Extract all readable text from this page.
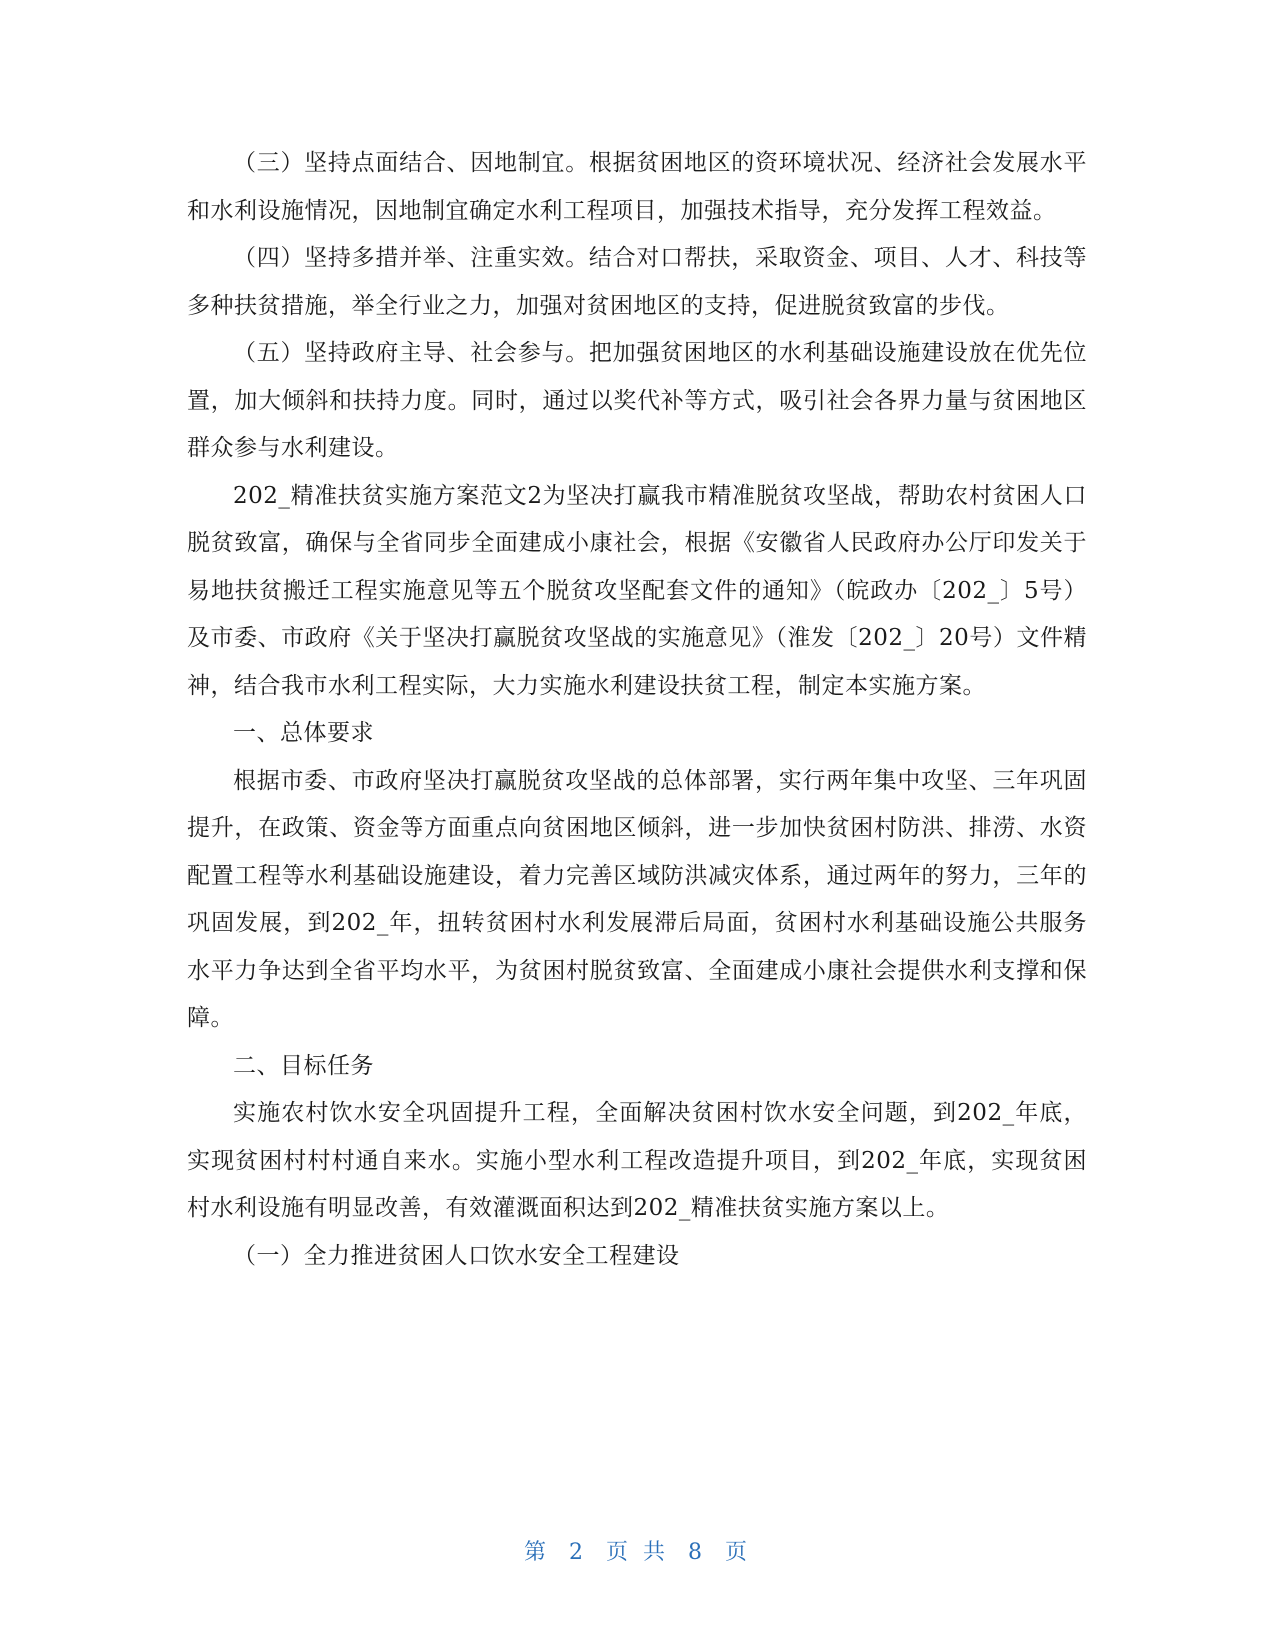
（三）坚持点面结合、因地制宜。根据贫困地区的资环境状况、经济社会发展水平和水利设施情况，因地制宜确定水利工程项目，加强技术指导，充分发挥工程效益。

（四）坚持多措并举、注重实效。结合对口帮扶，采取资金、项目、人才、科技等多种扶贫措施，举全行业之力，加强对贫困地区的支持，促进脱贫致富的步伐。

（五）坚持政府主导、社会参与。把加强贫困地区的水利基础设施建设放在优先位置，加大倾斜和扶持力度。同时，通过以奖代补等方式，吸引社会各界力量与贫困地区群众参与水利建设。

202_精准扶贫实施方案范文2为坚决打赢我市精准脱贫攻坚战，帮助农村贫困人口脱贫致富，确保与全省同步全面建成小康社会，根据《安徽省人民政府办公厅印发关于易地扶贫搬迁工程实施意见等五个脱贫攻坚配套文件的通知》（皖政办〔202_〕5号）及市委、市政府《关于坚决打赢脱贫攻坚战的实施意见》（淮发〔202_〕20号）文件精神，结合我市水利工程实际，大力实施水利建设扶贫工程，制定本实施方案。

一、总体要求

根据市委、市政府坚决打赢脱贫攻坚战的总体部署，实行两年集中攻坚、三年巩固提升，在政策、资金等方面重点向贫困地区倾斜，进一步加快贫困村防洪、排涝、水资配置工程等水利基础设施建设，着力完善区域防洪减灾体系，通过两年的努力，三年的巩固发展，到202_年，扭转贫困村水利发展滞后局面，贫困村水利基础设施公共服务水平力争达到全省平均水平，为贫困村脱贫致富、全面建成小康社会提供水利支撑和保障。

二、目标任务

实施农村饮水安全巩固提升工程，全面解决贫困村饮水安全问题，到202_年底，实现贫困村村村通自来水。实施小型水利工程改造提升项目，到202_年底，实现贫困村水利设施有明显改善，有效灌溉面积达到202_精准扶贫实施方案以上。

（一）全力推进贫困人口饮水安全工程建设

第 2 页 共 8 页
